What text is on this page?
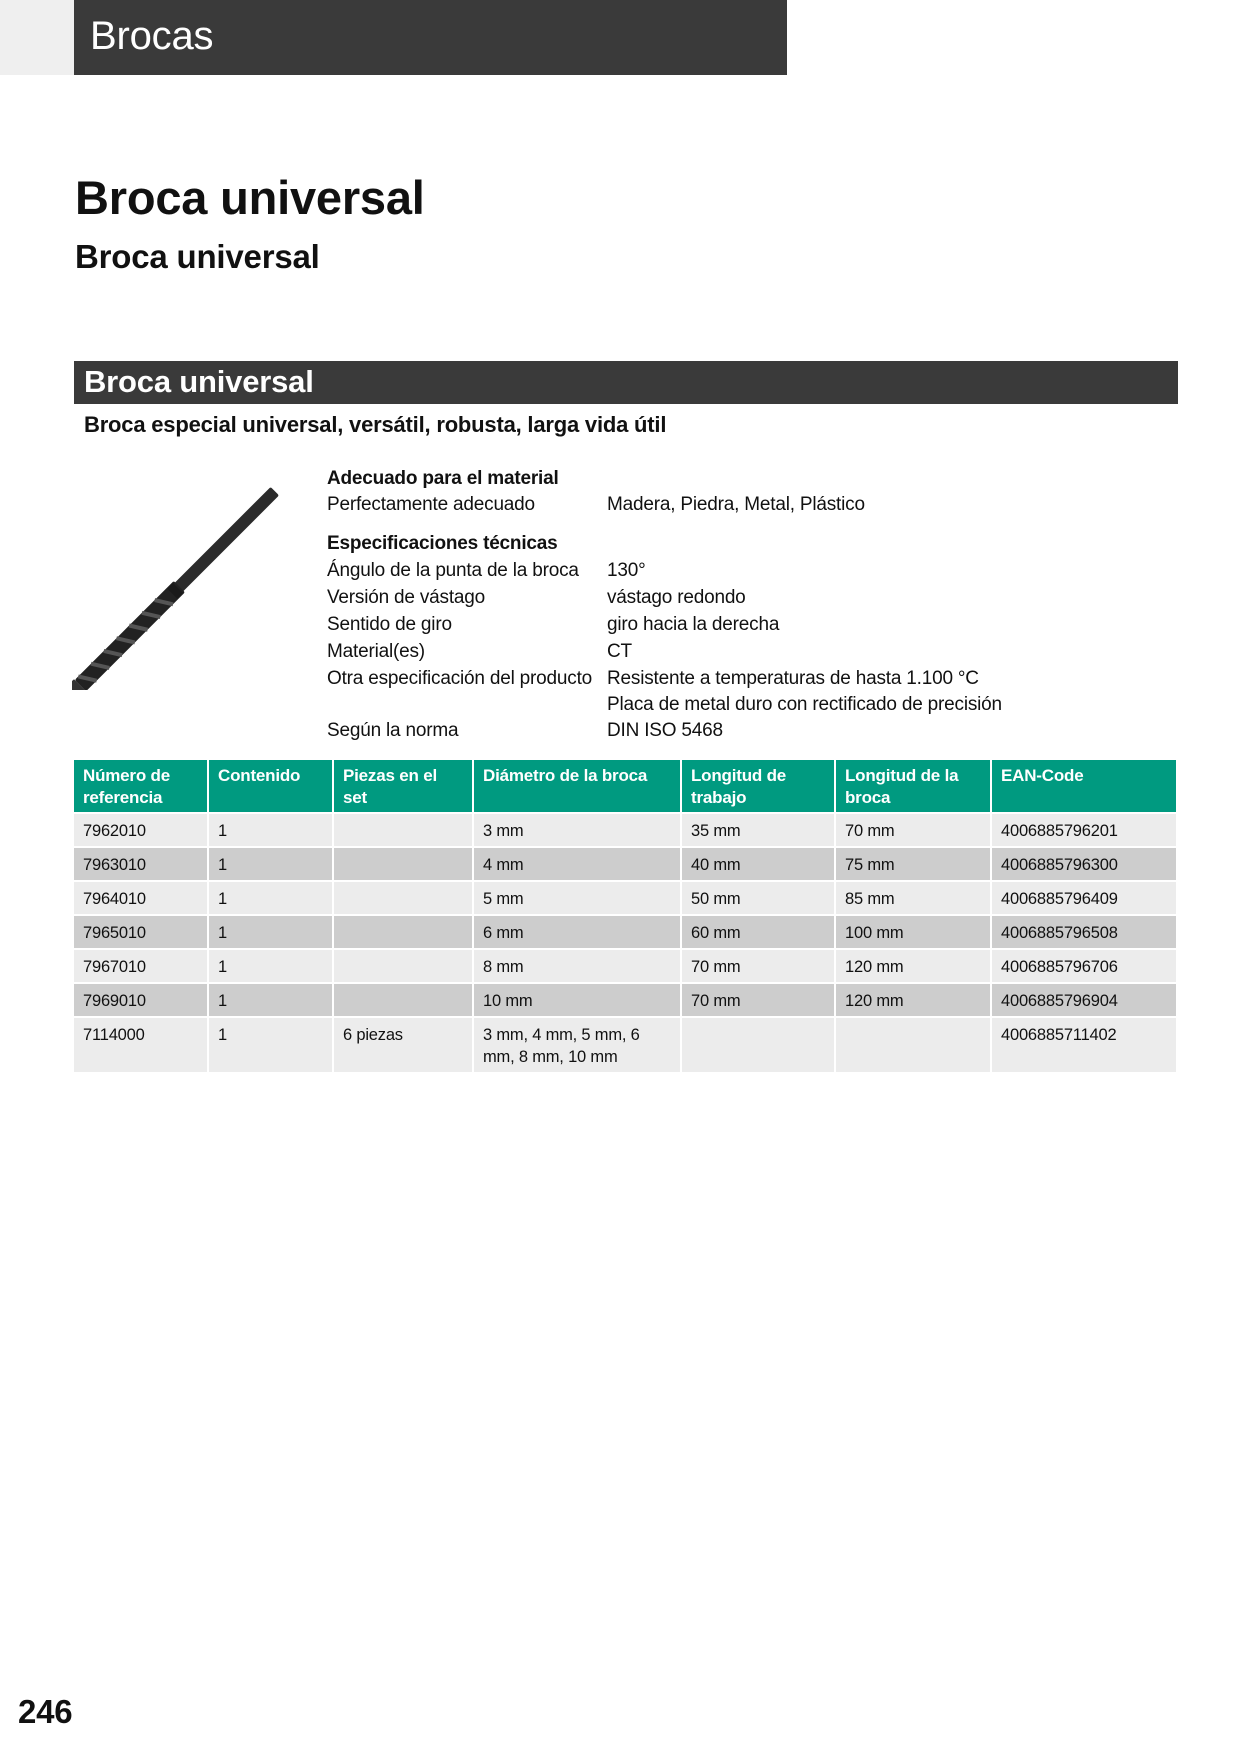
Brocas
Broca universal
Broca universal
Broca universal
Broca especial universal, versátil, robusta, larga vida útil
Adecuado para el material
Perfectamente adecuado	Madera, Piedra, Metal, Plástico
Especificaciones técnicas
Ángulo de la punta de la broca 130°
Versión de vástago	vástago redondo
Sentido de giro	giro hacia la derecha
Material(es)	CT
Otra especificación del producto Resistente a temperaturas de hasta 1.100 °C
Placa de metal duro con rectificado de precisión
Según la norma	DIN ISO 5468
Número de referencia	Contenido	Piezas en el set	Diámetro de la broca	Longitud de trabajo	Longitud de la broca	EAN-Code
7962010	1		3 mm	35 mm	70 mm	4006885796201
7963010	1		4 mm	40 mm	75 mm	4006885796300
7964010	1		5 mm	50 mm	85 mm	4006885796409
7965010	1		6 mm	60 mm	100 mm	4006885796508
7967010	1		8 mm	70 mm	120 mm	4006885796706
7969010	1		10 mm	70 mm	120 mm	4006885796904
7114000	1	6 piezas	3 mm, 4 mm, 5 mm, 6 mm, 8 mm, 10 mm			4006885711402
246
